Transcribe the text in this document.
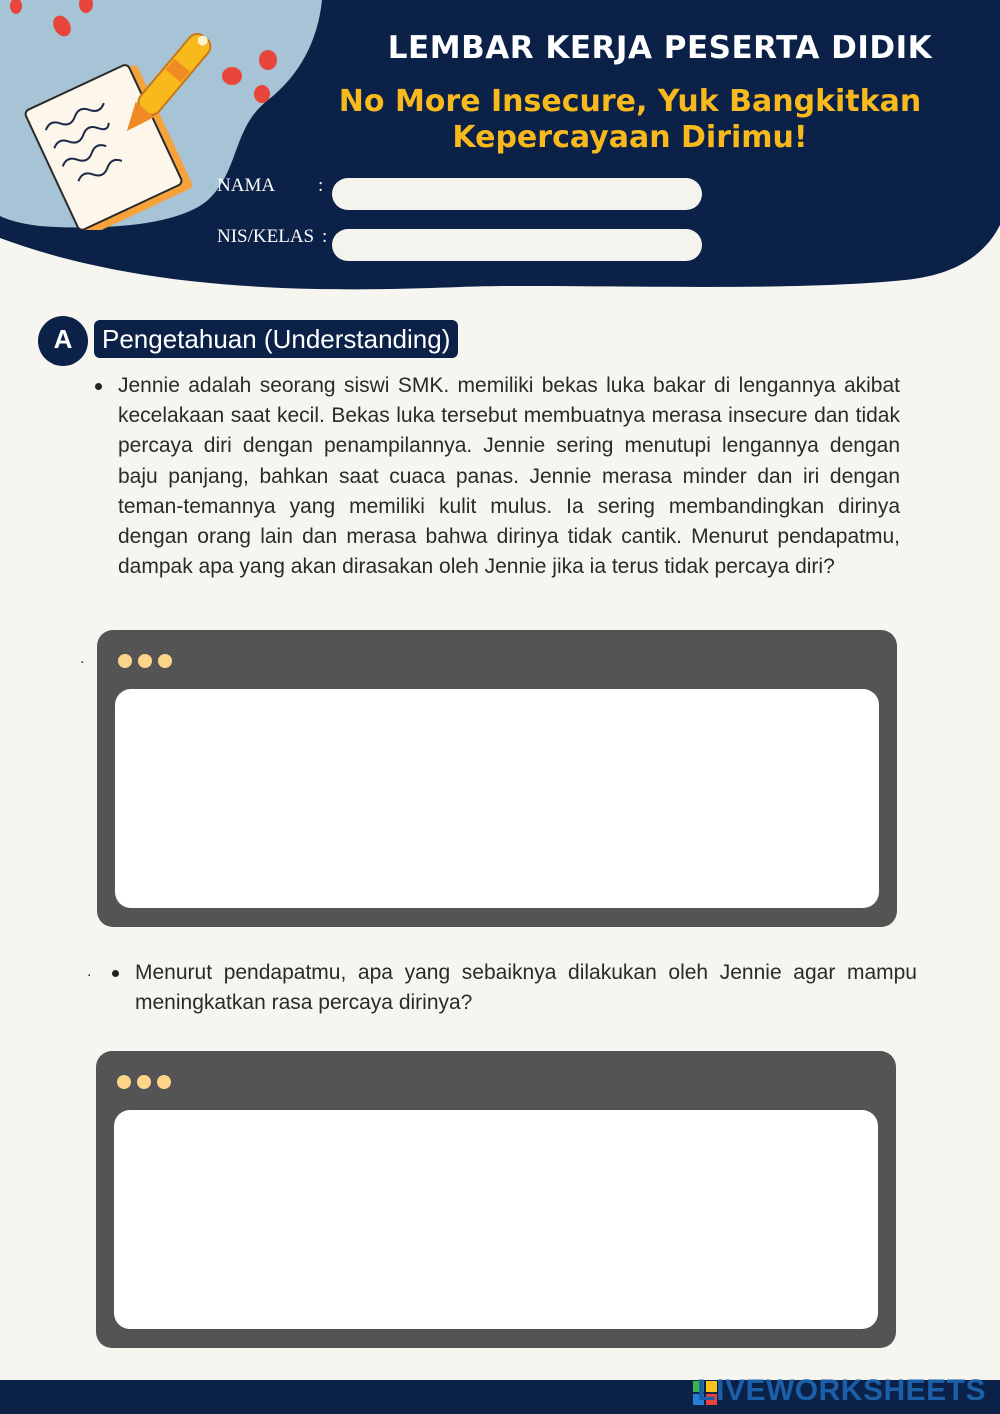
LEMBAR KERJA PESERTA DIDIK
No More Insecure, Yuk Bangkitkan
Kepercayaan Dirimu!
NAMA :
NIS/KELAS :
A	Pengetahuan (Understanding)
Jennie adalah seorang siswi SMK. memiliki bekas luka bakar di lengannya akibat kecelakaan saat kecil. Bekas luka tersebut membuatnya merasa insecure dan tidak percaya diri dengan penampilannya. Jennie sering menutupi lengannya dengan baju panjang, bahkan saat cuaca panas. Jennie merasa minder dan iri dengan teman-temannya yang memiliki kulit mulus. Ia sering membandingkan dirinya dengan orang lain dan merasa bahwa dirinya tidak cantik. Menurut pendapatmu, dampak apa yang akan dirasakan oleh Jennie jika ia terus tidak percaya diri?
.
. Menurut pendapatmu, apa yang sebaiknya dilakukan oleh Jennie agar mampu meningkatkan rasa percaya dirinya?
LIVEWORKSHEETS
